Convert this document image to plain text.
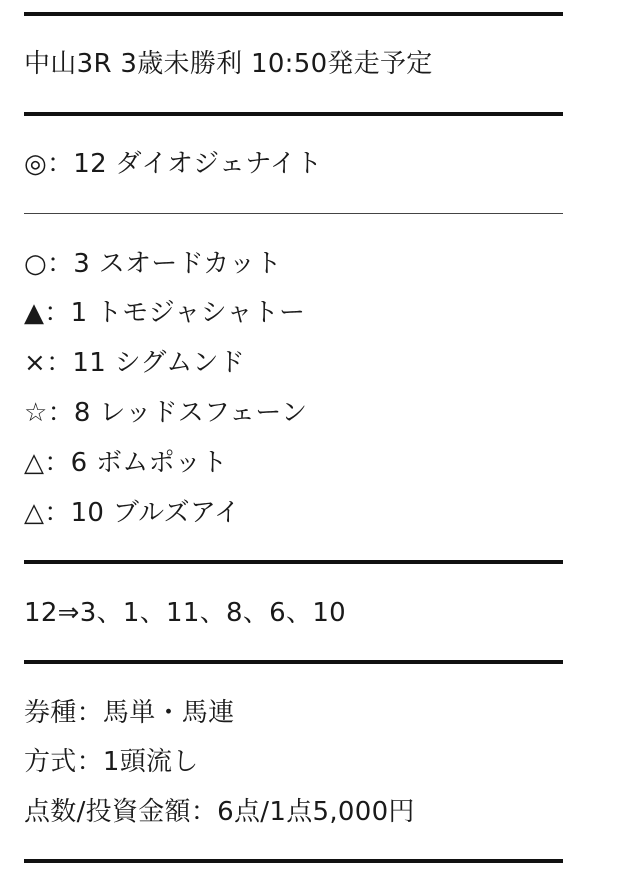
中山3R 3歳未勝利 10:50発走予定
◎：12 ダイオジェナイト
○：3 スオードカット
▲：1 トモジャシャトー
×：11 シグムンド
☆：8 レッドスフェーン
△：6 ボムポット
△：10 ブルズアイ
12⇒3、1、11、8、6、10
券種：馬単・馬連
方式：1頭流し
点数/投資金額：6点/1点5,000円
